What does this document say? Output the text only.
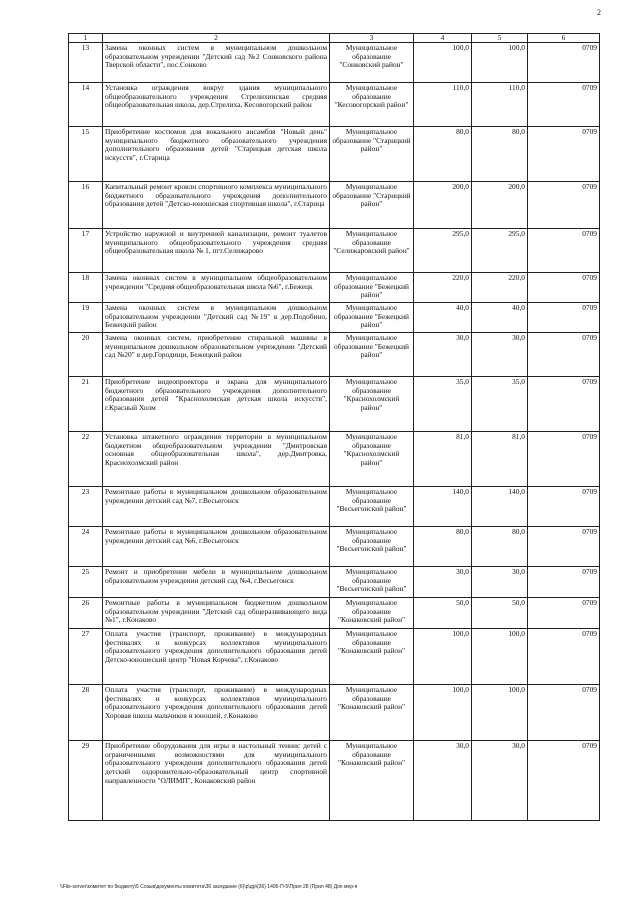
2
1	2	3	4	5	6
13	Замена оконных систем в муниципальном дошкольном образовательном учреждении "Детский сад №2 Сонковского района Тверской области", пос.Сонково	Муниципальное образование "Сонковский район"	100,0	100,0	0709
14	Установка ограждения вокруг здания муниципального общеобразовательного учреждения Стрелихинская средняя общеобразовательная школа, дер.Стрелиха, Кесовогорский район	Муниципальное образование "Кесовогорский район"	110,0	110,0	0709
15	Приобретение костюмов для вокального ансамбля "Новый день" муниципального бюджетного образовательного учреждения дополнительного образования детей "Старицкая детская школа искусств", г.Старица	Муниципальное образование "Старицкий район"	80,0	80,0	0709
16	Капитальный ремонт кровли спортивного комплекса муниципального бюджетного образовательного учреждения дополнительного образования детей "Детско-юношеская спортивная школа", г.Старица	Муниципальное образование "Старицкий район"	200,0	200,0	0709
17	Устройство наружной и внутренней канализации, ремонт туалетов муниципального общеобразовательного учреждения средняя общеобразовательная школа № 1, пгт.Селижарово	Муниципальное образование "Селижаровский район"	295,0	295,0	0709
18	Замена оконных систем в муниципальном общеобразовательном учреждении "Средняя общеобразовательная школа №6", г.Бежецк	Муниципальное образование "Бежецкий район"	220,0	220,0	0709
19	Замена оконных систем в муниципальном дошкольном образовательном учреждении "Детский сад №19" в дер.Подобино, Бежецкий район	Муниципальное образование "Бежецкий район"	40,0	40,0	0709
20	Замена оконных систем, приобретение стиральной машины в муниципальном дошкольном образовательном учреждении "Детский сад №20" в дер.Городищи, Бежецкий район	Муниципальное образование "Бежецкий район"	30,0	30,0	0709
21	Приобретение видеопроектора и экрана для муниципального бюджетного образовательного учреждения дополнительного образования детей "Краснохолмская детская школа искусств", г.Красный Холм	Муниципальное образование "Краснохолмский район"	35,0	35,0	0709
22	Установка штакетного ограждения территории в муниципальном бюджетном общеобразовательном учреждении "Дмитровская основная общеобразовательная школа", дер.Дмитровка, Краснохолмский район	Муниципальное образование "Краснохолмский район"	81,0	81,0	0709
23	Ремонтные работы в муниципальном дошкольном образовательном учреждении детский сад №7, г.Весьегонск	Муниципальное образование "Весьегонский район"	140,0	140,0	0709
24	Ремонтные работы в муниципальном дошкольном образовательном учреждении детский сад №6, г.Весьегонск	Муниципальное образование "Весьегонский район"	80,0	80,0	0709
25	Ремонт и приобретение мебели в муниципальном дошкольном образовательном учреждении детский сад №4, г.Весьегонск	Муниципальное образование "Весьегонский район"	30,0	30,0	0709
26	Ремонтные работы в муниципальном бюджетном дошкольном образовательном учреждении "Детский сад общеразвивающего вида №1", г.Конаково	Муниципальное образование "Конаковский район"	50,0	50,0	0709
27	Оплата участия (транспорт, проживание) в международных фестивалях и конкурсах коллективов муниципального образовательного учреждения дополнительного образования детей Детско-юношеский центр "Новая Корчева", г.Конаково	Муниципальное образование "Конаковский район"	100,0	100,0	0709
28	Оплата участия (транспорт, проживание) в международных фестивалях и конкурсах коллективов муниципального образовательного учреждения дополнительного образования детей Хоровая школа мальчиков и юношей, г.Конаково	Муниципальное образование "Конаковский район"	100,0	100,0	0709
29	Приобретение оборудования для игры в настольный теннис детей с ограниченными возможностями для муниципального образовательного учреждения дополнительного образования детей детский оздоровительно-образовательный центр спортивной направленности "ОЛИМП", Конаковский район	Муниципальное образование "Конаковский район"	30,0	30,0	0709
\\File-server\комитет по бюджету\5 Созыв\документы комитета\36 заседание (6)\р\др\(36) 1495-П-5\Прил 28 (Прил 48) Доп мер-я
